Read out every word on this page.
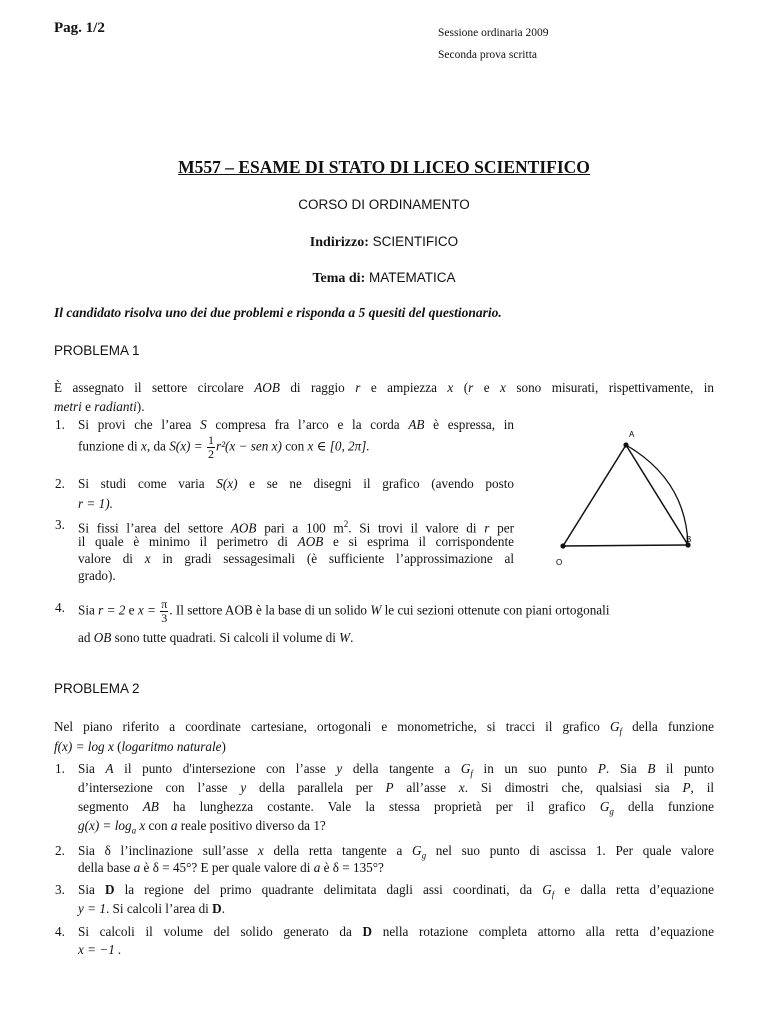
Pag. 1/2	Sessione ordinaria 2009
Seconda prova scritta
M557 – ESAME DI STATO DI LICEO SCIENTIFICO
CORSO DI ORDINAMENTO
Indirizzo: SCIENTIFICO
Tema di: MATEMATICA
Il candidato risolva uno dei due problemi e risponda a 5 quesiti del questionario.
PROBLEMA 1
È assegnato il settore circolare AOB di raggio r e ampiezza x (r e x sono misurati, rispettivamente, in
metri e radianti).
1. Si provi che l’area S compresa fra l’arco e la corda AB è espressa, in
funzione di x, da $S(x) = \frac{1}{2} r^2(x$ − sen x) con x ∈ [0, 2π].
2. Si studi come varia S(x) e se ne disegni il grafico (avendo posto
r = 1).
3. Si fissi l’area del settore AOB pari a 100 $m^2$. Si trovi il valore di r per
il quale è minimo il perimetro di AOB e si esprima il corrispondente
valore di x in gradi sessagesimali (è sufficiente l’approssimazione al
grado).
4. Sia r = 2 e $x = \frac{\pi}{3}$ . Il settore AOB è la base di un solido W le cui sezioni ottenute con piani ortogonali
ad OB sono tutte quadrati. Si calcoli il volume di W.
A
B
O
PROBLEMA 2
Nel piano riferito a coordinate cartesiane, ortogonali e monometriche, si tracci il grafico $G_f$ della funzione
f(x) = log x (logaritmo naturale)
1. Sia A il punto d'intersezione con l’asse y della tangente a $G_f$ in un suo punto P. Sia B il punto
d’intersezione con l’asse y della parallela per P all’asse x. Si dimostri che, qualsiasi sia P, il
segmento AB ha lunghezza costante. Vale la stessa proprietà per il grafico $G_g$ della funzione
$g(x) = \log_a x$ con a reale positivo diverso da 1?
2. Sia δ l’inclinazione sull’asse x della retta tangente a $G_g$ nel suo punto di ascissa 1. Per quale valore
della base a è δ = 45°? E per quale valore di a è δ = 135°?
3. Sia D la regione del primo quadrante delimitata dagli assi coordinati, da $G_f$ e dalla retta d’equazione
y = 1. Si calcoli l’area di D.
4. Si calcoli il volume del solido generato da D nella rotazione completa attorno alla retta d’equazione
x = −1 .
